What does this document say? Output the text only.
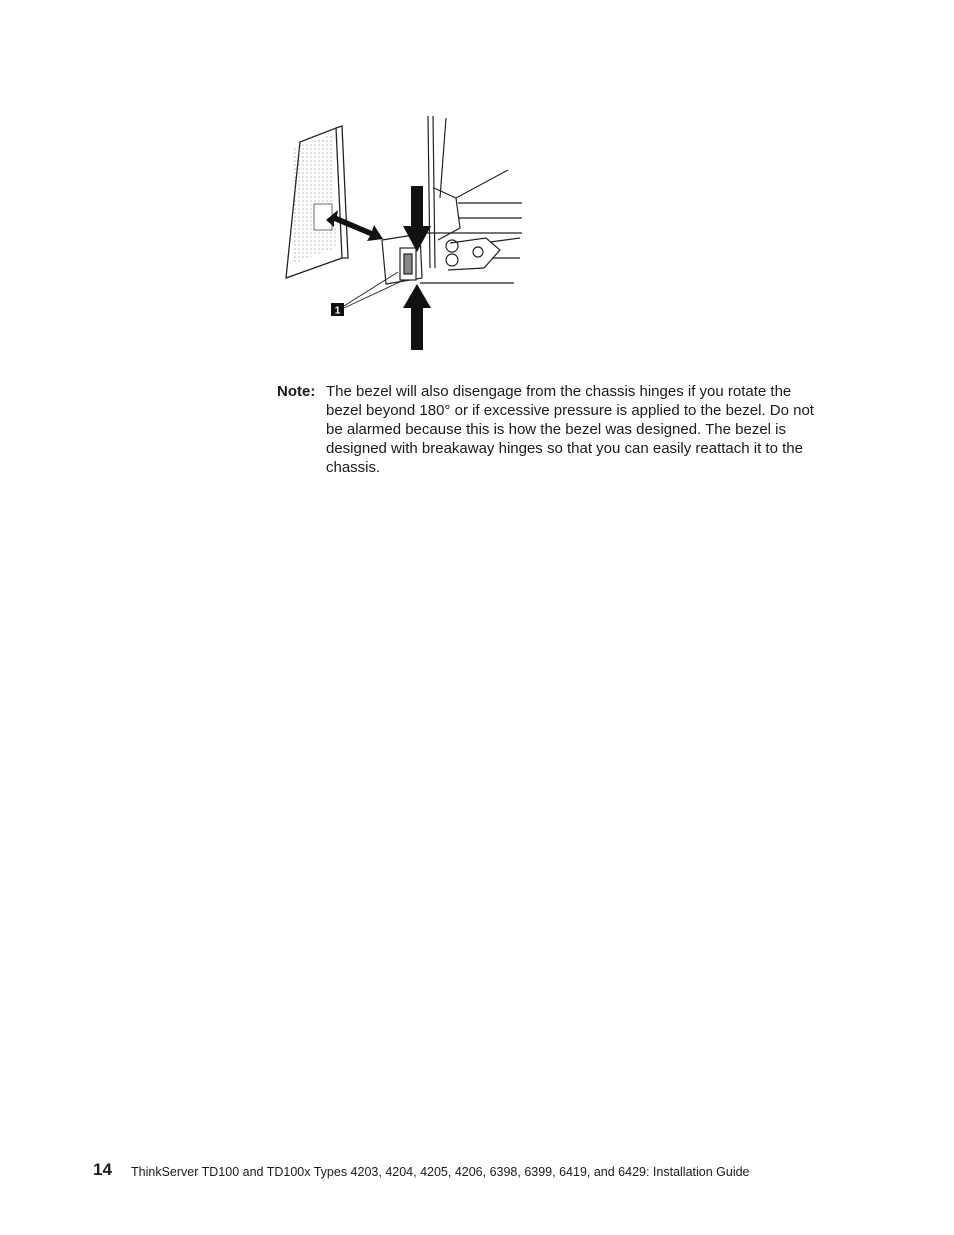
1
Note: The bezel will also disengage from the chassis hinges if you rotate the bezel beyond 180° or if excessive pressure is applied to the bezel. Do not be alarmed because this is how the bezel was designed. The bezel is designed with breakaway hinges so that you can easily reattach it to the chassis.
14 ThinkServer TD100 and TD100x Types 4203, 4204, 4205, 4206, 6398, 6399, 6419, and 6429: Installation Guide
